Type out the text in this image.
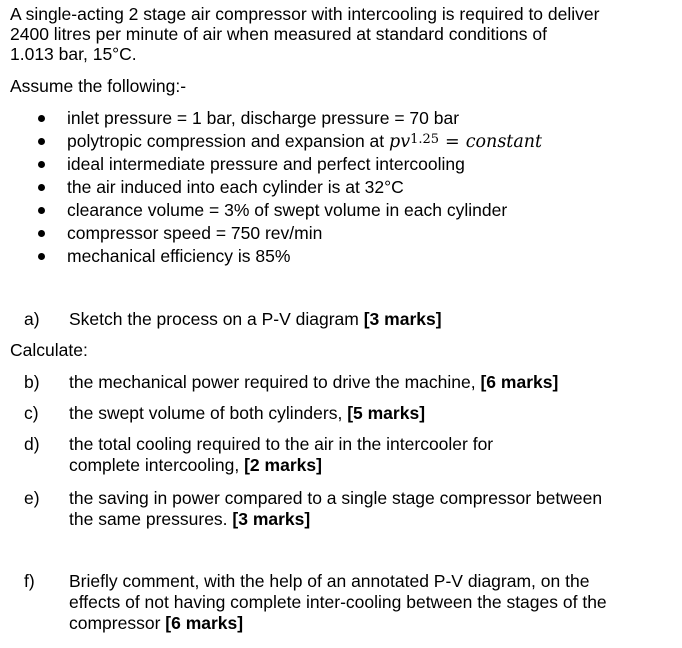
A single-acting 2 stage air compressor with intercooling is required to deliver
2400 litres per minute of air when measured at standard conditions of
1.013 bar, 15°C.
Assume the following:-
inlet pressure = 1 bar, discharge pressure = 70 bar
polytropic compression and expansion at $pv^{1.25}$ = constant
ideal intermediate pressure and perfect intercooling
the air induced into each cylinder is at 32°C
clearance volume = 3% of swept volume in each cylinder
compressor speed = 750 rev/min
mechanical efficiency is 85%
a) Sketch the process on a P-V diagram [3 marks]
Calculate:
b) the mechanical power required to drive the machine, [6 marks]
c) the swept volume of both cylinders, [5 marks]
d) the total cooling required to the air in the intercooler for
complete intercooling, [2 marks]
e) the saving in power compared to a single stage compressor between
the same pressures. [3 marks]
f) Briefly comment, with the help of an annotated P-V diagram, on the
effects of not having complete inter-cooling between the stages of the
compressor [6 marks]
